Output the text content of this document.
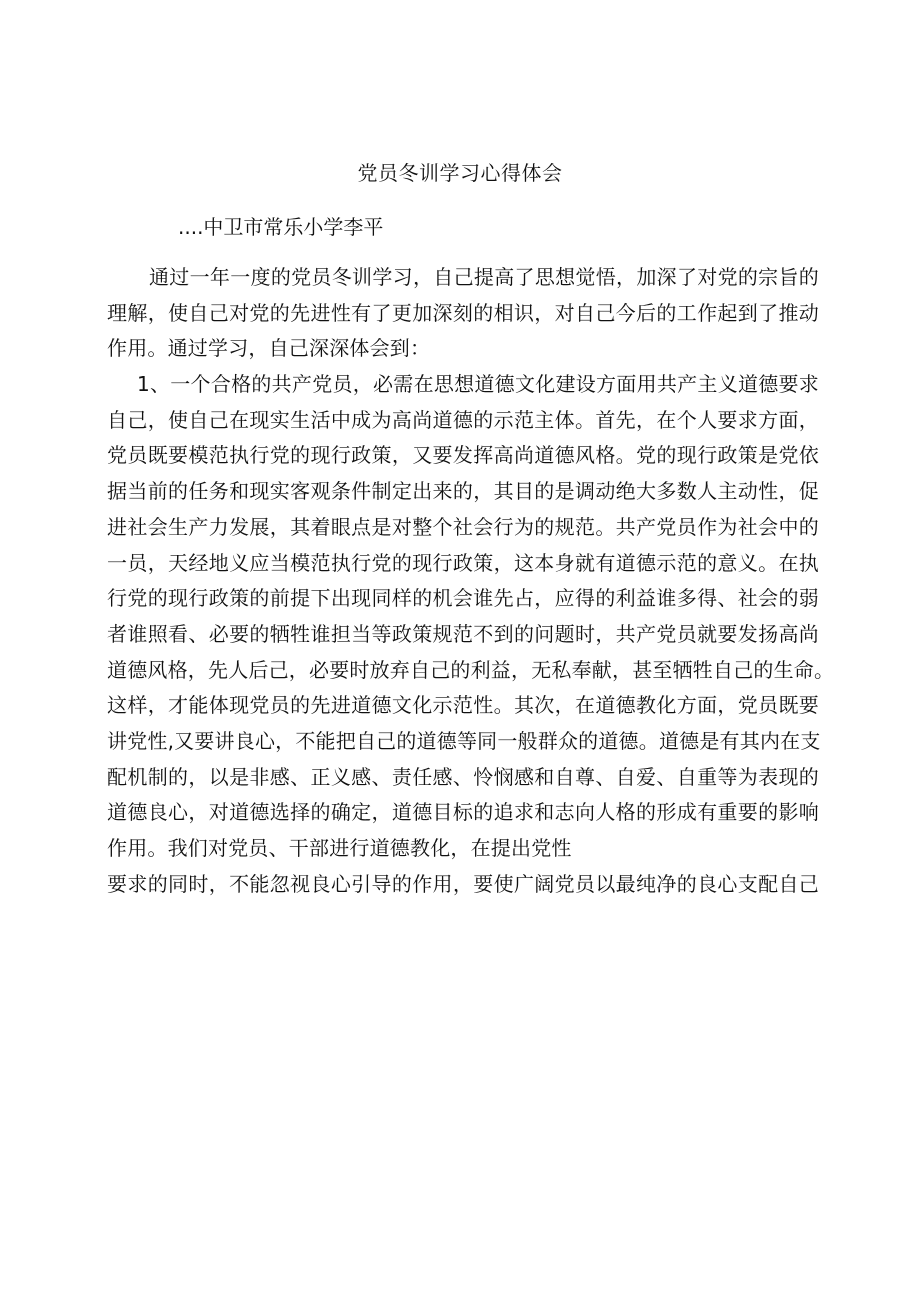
党员冬训学习心得体会
....中卫市常乐小学李平
通过一年一度的党员冬训学习，自己提高了思想觉悟，加深了对党的宗旨的
理解，使自己对党的先进性有了更加深刻的相识，对自己今后的工作起到了推动
作用。通过学习，自己深深体会到：
1、一个合格的共产党员，必需在思想道德文化建设方面用共产主义道德要求
自己，使自己在现实生活中成为高尚道德的示范主体。首先，在个人要求方面，
党员既要模范执行党的现行政策，又要发挥高尚道德风格。党的现行政策是党依
据当前的任务和现实客观条件制定出来的，其目的是调动绝大多数人主动性，促
进社会生产力发展，其着眼点是对整个社会行为的规范。共产党员作为社会中的
一员，天经地义应当模范执行党的现行政策，这本身就有道德示范的意义。在执
行党的现行政策的前提下出现同样的机会谁先占，应得的利益谁多得、社会的弱
者谁照看、必要的牺牲谁担当等政策规范不到的问题时，共产党员就要发扬高尚
道德风格，先人后己，必要时放弃自己的利益，无私奉献，甚至牺牲自己的生命。
这样，才能体现党员的先进道德文化示范性。其次，在道德教化方面，党员既要
讲党性,又要讲良心，不能把自己的道德等同一般群众的道德。道德是有其内在支
配机制的，以是非感、正义感、责任感、怜悯感和自尊、自爱、自重等为表现的
道德良心，对道德选择的确定，道德目标的追求和志向人格的形成有重要的影响
作用。我们对党员、干部进行道德教化，在提出党性
要求的同时，不能忽视良心引导的作用，要使广阔党员以最纯净的良心支配自己
